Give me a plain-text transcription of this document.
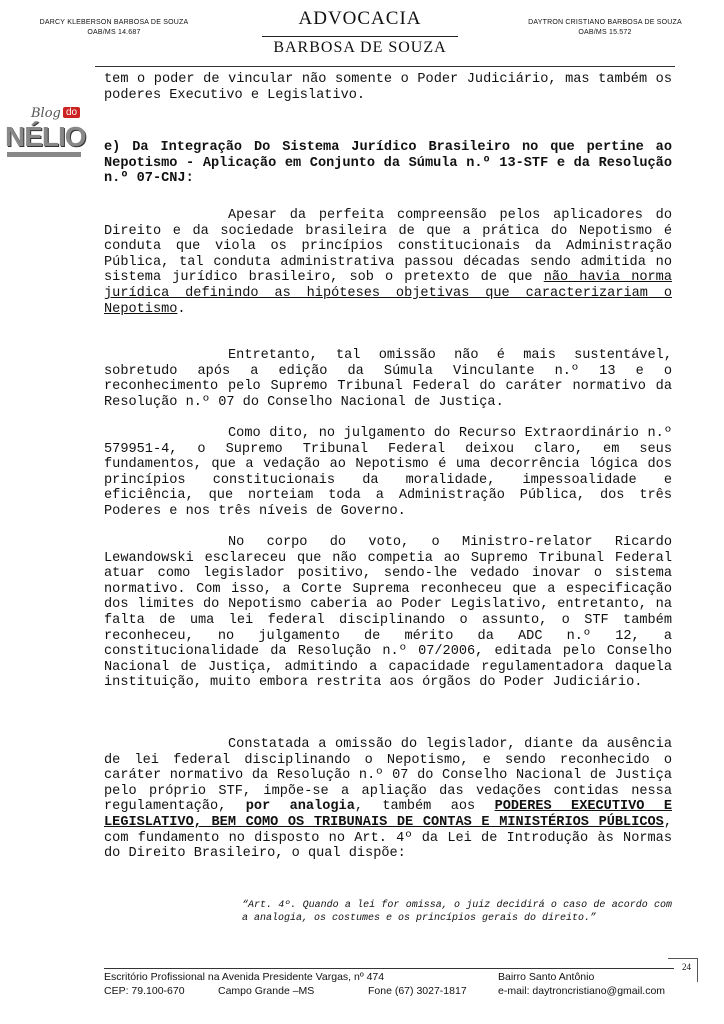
DARCY KLEBERSON BARBOSA DE SOUZA
OAB/MS 14.687
ADVOCACIA
BARBOSA DE SOUZA
DAYTRON CRISTIANO BARBOSA DE SOUZA
OAB/MS 15.572
Blog do
NÉLIO

tem o poder de vincular não somente o Poder Judiciário, mas também os poderes Executivo e Legislativo.

e) Da Integração Do Sistema Jurídico Brasileiro no que pertine ao Nepotismo - Aplicação em Conjunto da Súmula n.º 13-STF e da Resolução n.º 07-CNJ:

Apesar da perfeita compreensão pelos aplicadores do Direito e da sociedade brasileira de que a prática do Nepotismo é conduta que viola os princípios constitucionais da Administração Pública, tal conduta administrativa passou décadas sendo admitida no sistema jurídico brasileiro, sob o pretexto de que não havia norma jurídica definindo as hipóteses objetivas que caracterizariam o Nepotismo.

Entretanto, tal omissão não é mais sustentável, sobretudo após a edição da Súmula Vinculante n.º 13 e o reconhecimento pelo Supremo Tribunal Federal do caráter normativo da Resolução n.º 07 do Conselho Nacional de Justiça.

Como dito, no julgamento do Recurso Extraordinário n.º 579951-4, o Supremo Tribunal Federal deixou claro, em seus fundamentos, que a vedação ao Nepotismo é uma decorrência lógica dos princípios constitucionais da moralidade, impessoalidade e eficiência, que norteiam toda a Administração Pública, dos três Poderes e nos três níveis de Governo.

No corpo do voto, o Ministro-relator Ricardo Lewandowski esclareceu que não competia ao Supremo Tribunal Federal atuar como legislador positivo, sendo-lhe vedado inovar o sistema normativo. Com isso, a Corte Suprema reconheceu que a especificação dos limites do Nepotismo caberia ao Poder Legislativo, entretanto, na falta de uma lei federal disciplinando o assunto, o STF também reconheceu, no julgamento de mérito da ADC n.º 12, a constitucionalidade da Resolução n.º 07/2006, editada pelo Conselho Nacional de Justiça, admitindo a capacidade regulamentadora daquela instituição, muito embora restrita aos órgãos do Poder Judiciário.

Constatada a omissão do legislador, diante da ausência de lei federal disciplinando o Nepotismo, e sendo reconhecido o caráter normativo da Resolução n.º 07 do Conselho Nacional de Justiça pelo próprio STF, impõe-se a apliação das vedações contidas nessa regulamentação, por analogia, também aos PODERES EXECUTIVO E LEGISLATIVO, BEM COMO OS TRIBUNAIS DE CONTAS E MINISTÉRIOS PÚBLICOS, com fundamento no disposto no Art. 4º da Lei de Introdução às Normas do Direito Brasileiro, o qual dispõe:

“Art. 4º. Quando a lei for omissa, o juiz decidirá o caso de acordo com a analogia, os costumes e os princípios gerais do direito.”

24
Escritório Profissional na Avenida Presidente Vargas, nº 474	Bairro Santo Antônio
CEP: 79.100-670	Campo Grande –MS	Fone (67) 3027-1817	e-mail: daytroncristiano@gmail.com
